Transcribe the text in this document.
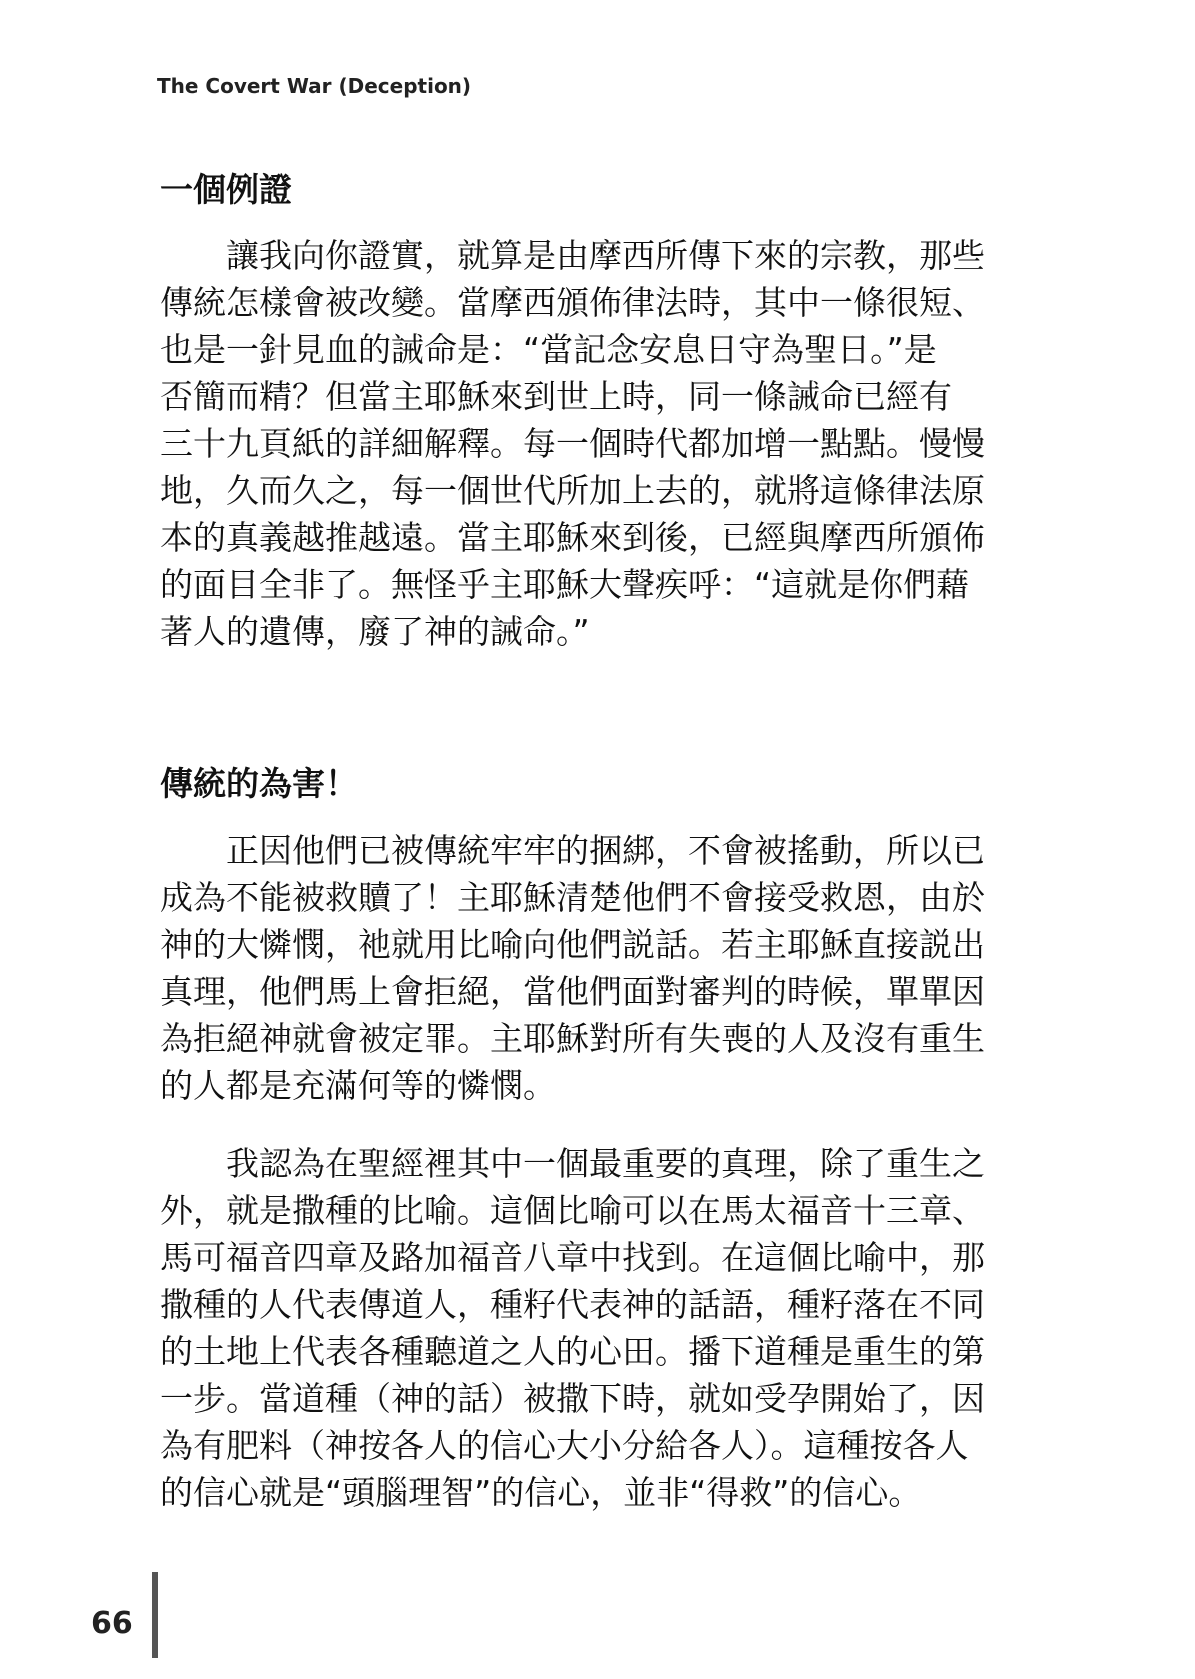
The Covert War (Deception)
一個例證
讓我向你證實，就算是由摩西所傳下來的宗教，那些
傳統怎樣會被改變。當摩西頒佈律法時，其中一條很短、
也是一針見血的誡命是：“當記念安息日守為聖日。”是
否簡而精？但當主耶穌來到世上時，同一條誡命已經有
三十九頁紙的詳細解釋。每一個時代都加增一點點。慢慢
地，久而久之，每一個世代所加上去的，就將這條律法原
本的真義越推越遠。當主耶穌來到後，已經與摩西所頒佈
的面目全非了。無怪乎主耶穌大聲疾呼：“這就是你們藉
著人的遺傳，廢了神的誡命。”
傳統的為害！
正因他們已被傳統牢牢的捆綁，不會被搖動，所以已
成為不能被救贖了！主耶穌清楚他們不會接受救恩，由於
神的大憐憫，祂就用比喻向他們説話。若主耶穌直接説出
真理，他們馬上會拒絕，當他們面對審判的時候，單單因
為拒絕神就會被定罪。主耶穌對所有失喪的人及沒有重生
的人都是充滿何等的憐憫。
我認為在聖經裡其中一個最重要的真理，除了重生之
外，就是撒種的比喻。這個比喻可以在馬太福音十三章、
馬可福音四章及路加福音八章中找到。在這個比喻中，那
撒種的人代表傳道人，種籽代表神的話語，種籽落在不同
的土地上代表各種聽道之人的心田。播下道種是重生的第
一步。當道種（神的話）被撒下時，就如受孕開始了，因
為有肥料（神按各人的信心大小分給各人）。這種按各人
的信心就是“頭腦理智”的信心，並非“得救”的信心。
66
